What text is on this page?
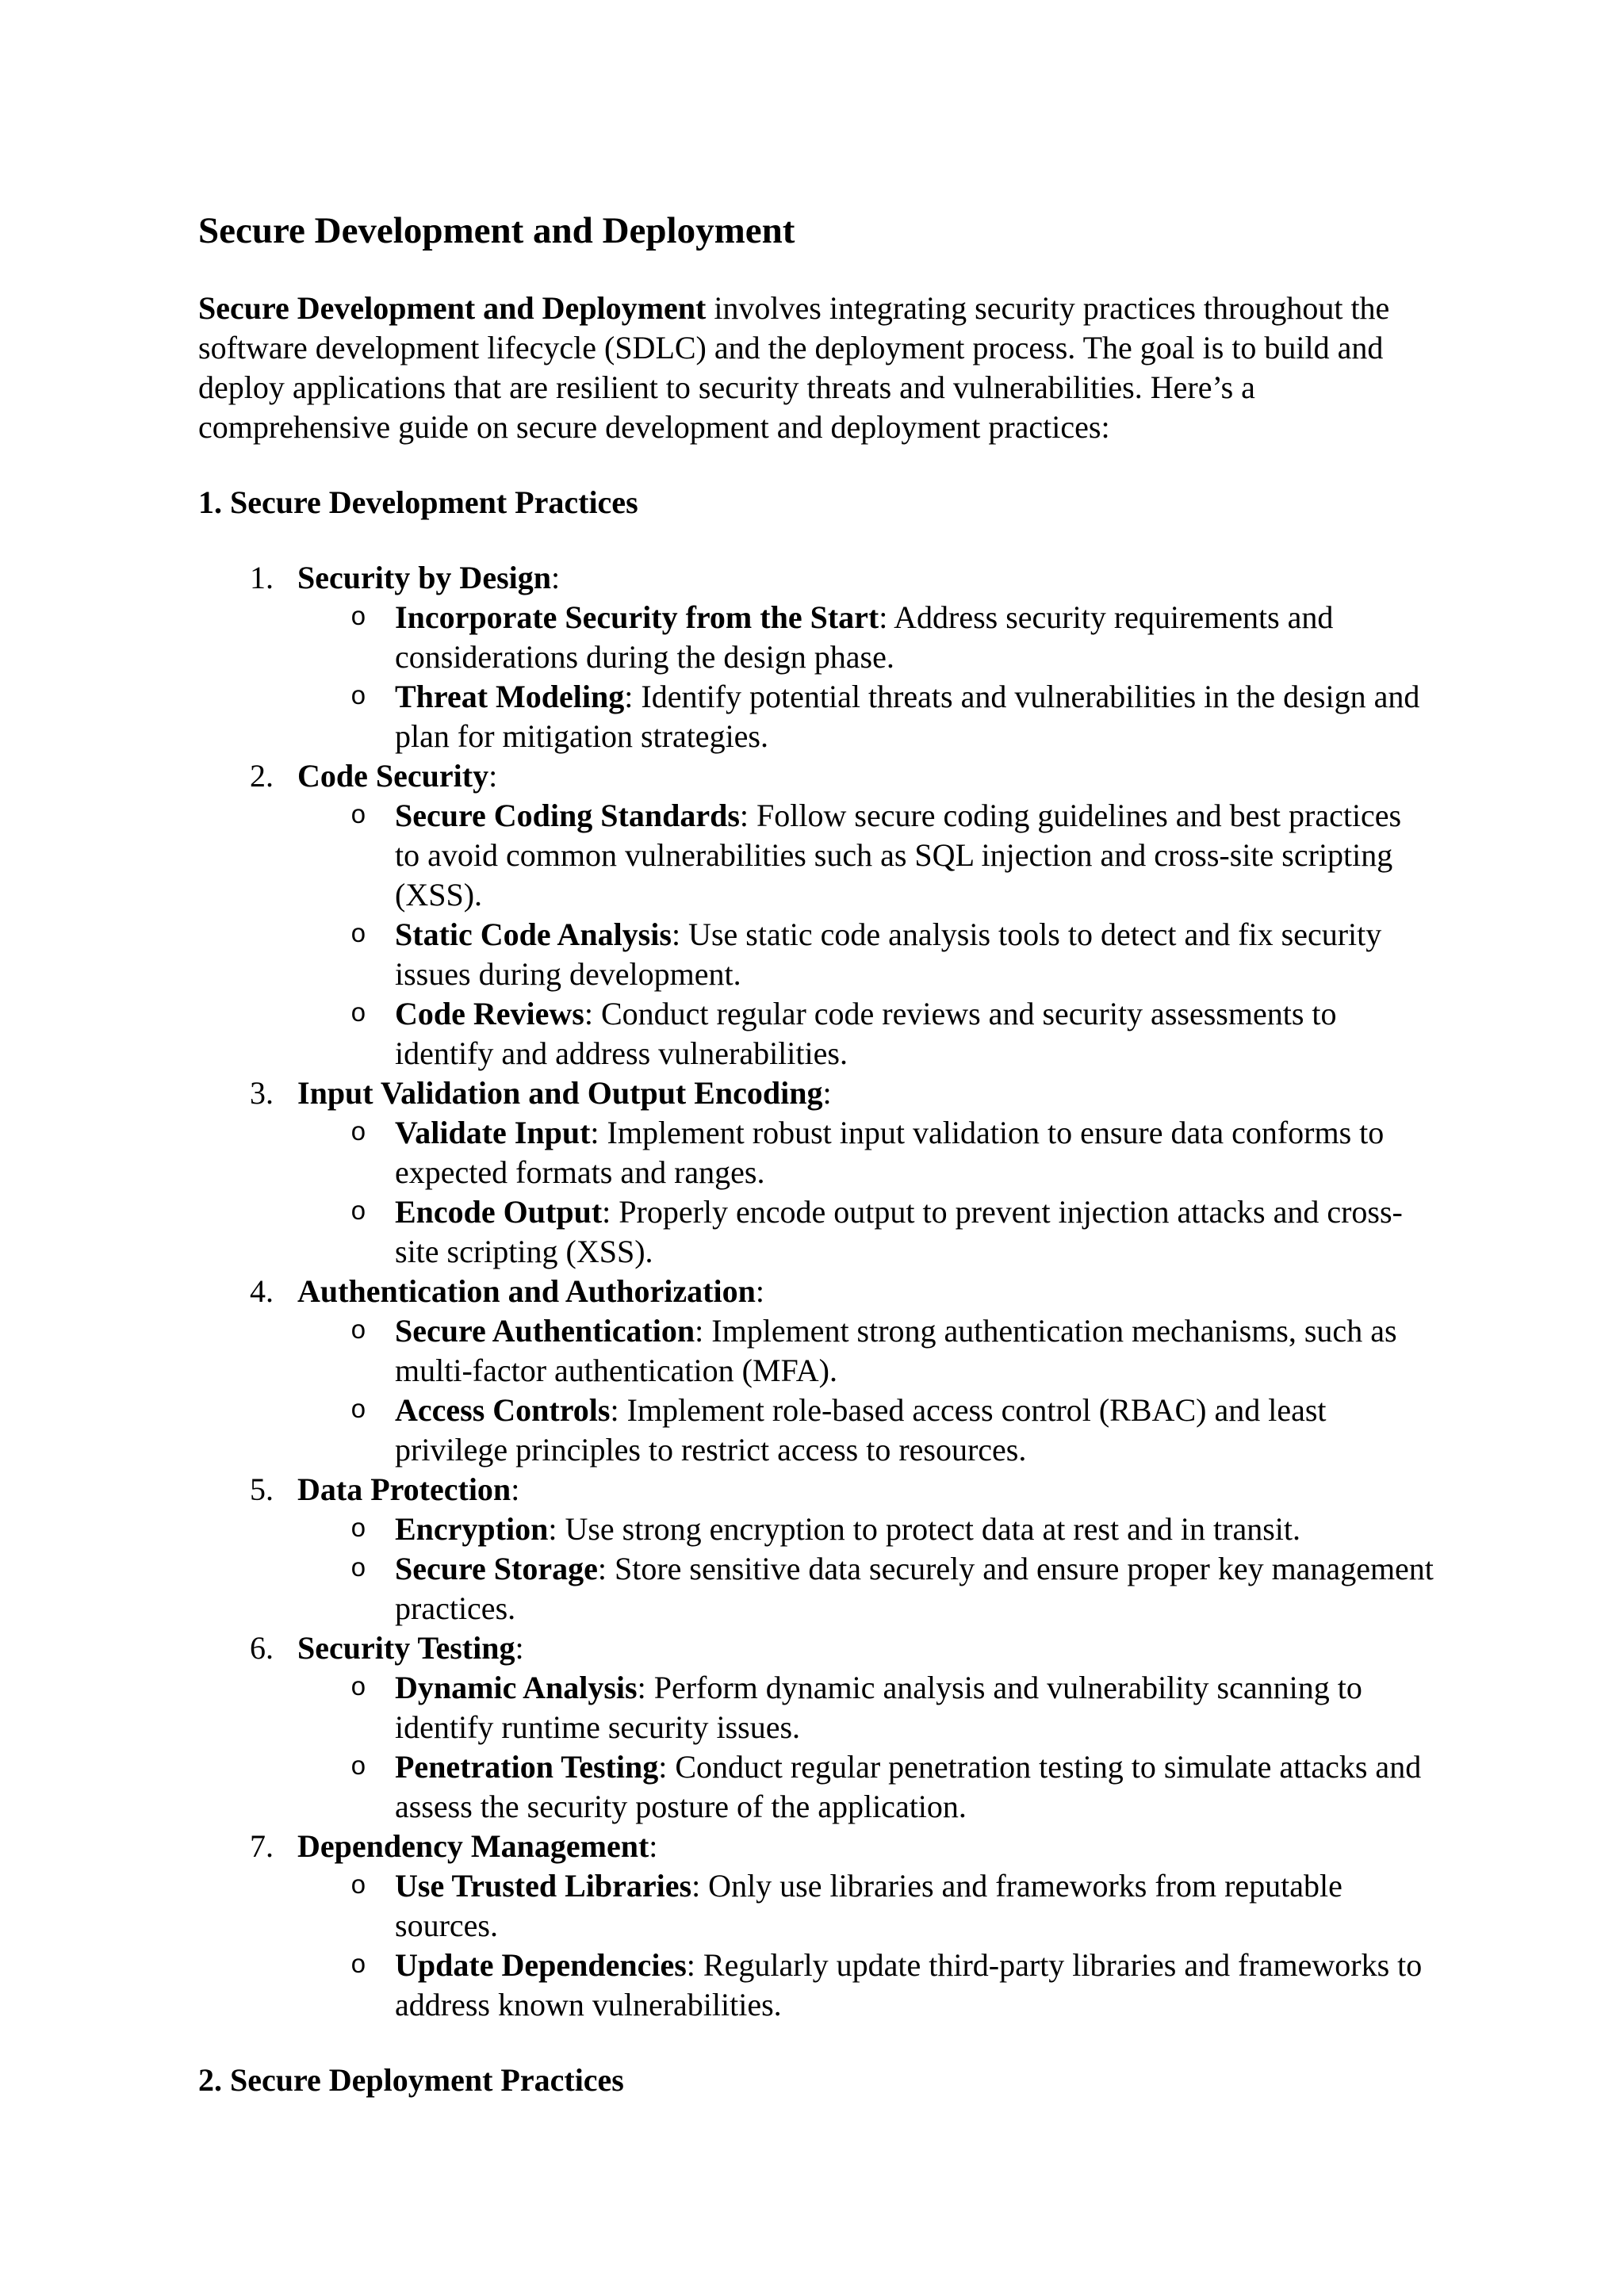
Secure Development and Deployment

Secure Development and Deployment involves integrating security practices throughout the software development lifecycle (SDLC) and the deployment process. The goal is to build and deploy applications that are resilient to security threats and vulnerabilities. Here’s a comprehensive guide on secure development and deployment practices:

1. Secure Development Practices

1. Security by Design:
o Incorporate Security from the Start: Address security requirements and considerations during the design phase.
o Threat Modeling: Identify potential threats and vulnerabilities in the design and plan for mitigation strategies.
2. Code Security:
o Secure Coding Standards: Follow secure coding guidelines and best practices to avoid common vulnerabilities such as SQL injection and cross-site scripting (XSS).
o Static Code Analysis: Use static code analysis tools to detect and fix security issues during development.
o Code Reviews: Conduct regular code reviews and security assessments to identify and address vulnerabilities.
3. Input Validation and Output Encoding:
o Validate Input: Implement robust input validation to ensure data conforms to expected formats and ranges.
o Encode Output: Properly encode output to prevent injection attacks and cross-site scripting (XSS).
4. Authentication and Authorization:
o Secure Authentication: Implement strong authentication mechanisms, such as multi-factor authentication (MFA).
o Access Controls: Implement role-based access control (RBAC) and least privilege principles to restrict access to resources.
5. Data Protection:
o Encryption: Use strong encryption to protect data at rest and in transit.
o Secure Storage: Store sensitive data securely and ensure proper key management practices.
6. Security Testing:
o Dynamic Analysis: Perform dynamic analysis and vulnerability scanning to identify runtime security issues.
o Penetration Testing: Conduct regular penetration testing to simulate attacks and assess the security posture of the application.
7. Dependency Management:
o Use Trusted Libraries: Only use libraries and frameworks from reputable sources.
o Update Dependencies: Regularly update third-party libraries and frameworks to address known vulnerabilities.

2. Secure Deployment Practices
